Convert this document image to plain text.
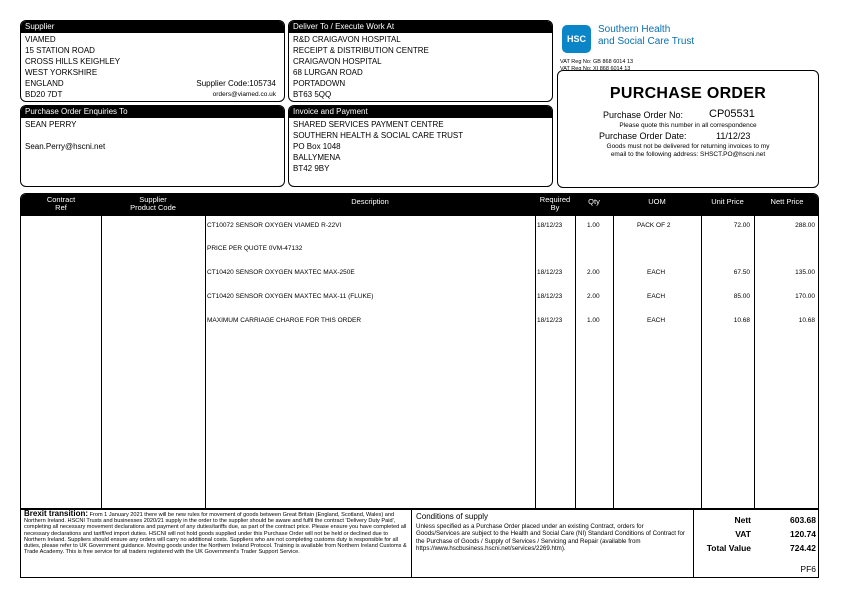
Supplier
VIAMED
15 STATION ROAD
CROSS HILLS KEIGHLEY
WEST YORKSHIRE
ENGLAND
BD20 7DT
Supplier Code:105734
orders@viamed.co.uk
Deliver To / Execute Work At
R&D CRAIGAVON HOSPITAL
RECEIPT & DISTRIBUTION CENTRE
CRAIGAVON HOSPITAL
68 LURGAN ROAD
PORTADOWN
BT63 5QQ
Purchase Order Enquiries To
SEAN PERRY
Sean.Perry@hscni.net
Invoice and Payment
SHARED SERVICES PAYMENT CENTRE
SOUTHERN HEALTH & SOCIAL CARE TRUST
PO Box 1048
BALLYMENA
BT42 9BY
HSC
Southern Health
and Social Care Trust
VAT Reg No: GB 868 6014 13
VAT Reg No: XI 868 6014 13
PURCHASE ORDER
Purchase Order No: CP05531
Please quote this number in all correspondence
Purchase Order Date:	11/12/23
Goods must not be delivered for returning invoices to my
email to the following address: SHSCT.PO@hscni.net
Contract
Ref
Supplier
Product Code
Description	Required
By
Qty	UOM	Unit Price	Nett Price
CT10072 SENSOR OXYGEN VIAMED R-22VI	18/12/23	1.00	PACK OF 2	72.00	288.00
PRICE PER QUOTE 0VM-47132
CT10420 SENSOR OXYGEN MAXTEC MAX-250E	18/12/23	2.00	EACH	67.50	135.00
CT10420 SENSOR OXYGEN MAXTEC MAX-11 (FLUKE)	18/12/23	2.00	EACH	85.00	170.00
MAXIMUM CARRIAGE CHARGE FOR THIS ORDER	18/12/23	1.00	EACH	10.68	10.68
Brexit transition: From 1 January 2021 there will be new rules for movement of goods between Great Britain (England, Scotland, Wales) and Northern Ireland. HSCNI Trusts and businesses 2020/21 supply in the order to the supplier should be aware and fulfil the contract 'Delivery Duty Paid', completing all necessary movement declarations and payment of any duties/tariffs due, as part of the contract price. Please ensure you have completed all necessary declarations and tariff/ed import duties. HSCNI will not hold goods supplied under this Purchase Order will not be held or declined due to Northern Ireland. Suppliers should ensure any orders will carry no additional costs. Suppliers who are not completing customs duty is responsible for all duties, please refer to UK Government guidance. Moving goods under the Northern Ireland Protocol. Training is available from Northern Ireland Customs & Trade Academy. This is free service for all traders registered with the UK Government's Trader Support Service.
Conditions of supply
Unless specified as a Purchase Order placed under an existing Contract, orders for Goods/Services are subject to the Health and Social Care (NI) Standard Conditions of Contract for the Purchase of Goods / Supply of Services / Servicing and Repair (available from https://www.hscbusiness.hscni.net/services/2269.htm).
Nett	603.68
VAT	120.74
Total Value	724.42
PF6
